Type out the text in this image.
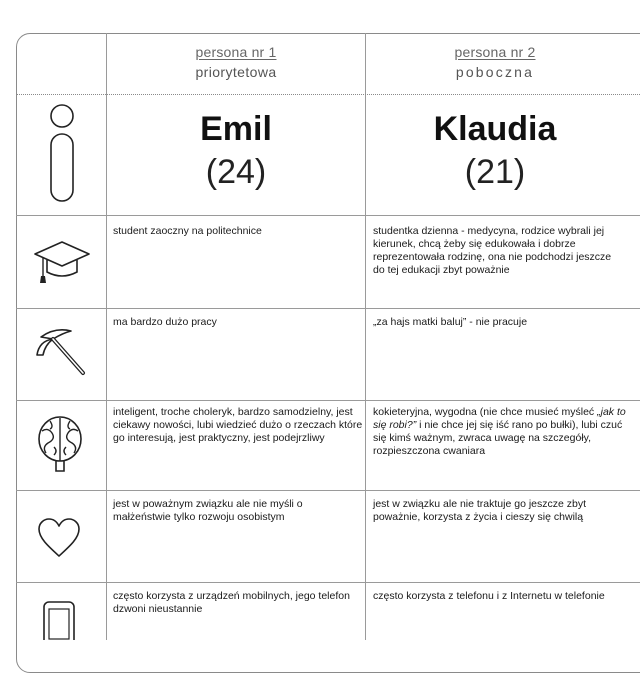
persona nr 1
priorytetowa
persona nr 2
poboczna
Emil
(24)
Klaudia
(21)
student zaoczny na politechnice	studentka dzienna - medycyna, rodzice wybrali jej kierunek, chcą żeby się edukowała i dobrze reprezentowała rodzinę, ona nie podchodzi jeszcze do tej edukacji zbyt poważnie
ma bardzo dużo pracy	„za hajs matki baluj” - nie pracuje
inteligent, troche choleryk, bardzo samodzielny, jest ciekawy nowości, lubi wiedzieć dużo o rzeczach które go interesują, jest praktyczny, jest podejrzliwy
kokieteryjna, wygodna (nie chce musieć myśleć „jak to się robi?” i nie chce jej się iść rano po bułki), lubi czuć się kimś ważnym, zwraca uwagę na szczegóły, rozpieszczona cwaniara
jest w poważnym związku ale nie myśli o małżeństwie tylko rozwoju osobistym
jest w związku ale nie traktuje go jeszcze zbyt poważnie, korzysta z życia i cieszy się chwilą
często korzysta z urządzeń mobilnych, jego telefon dzwoni nieustannie
często korzysta z telefonu i z Internetu w telefonie
